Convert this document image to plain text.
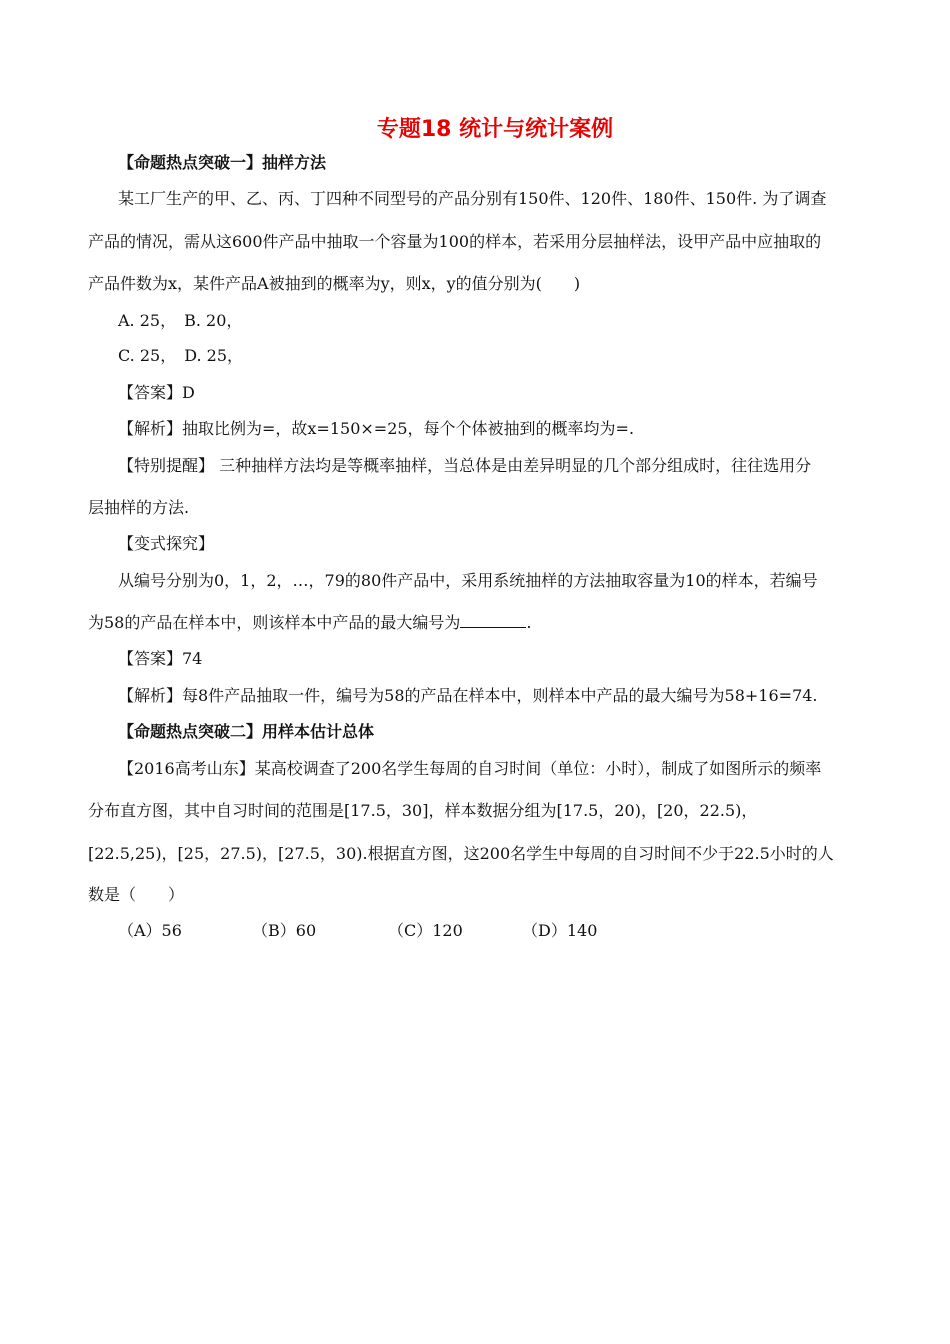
专题18 统计与统计案例
【命题热点突破一】抽样方法
某工厂生产的甲、乙、丙、丁四种不同型号的产品分别有150件、120件、180件、150件. 为了调查
产品的情况，需从这600件产品中抽取一个容量为100的样本，若采用分层抽样法，设甲产品中应抽取的
产品件数为x，某件产品A被抽到的概率为y，则x，y的值分别为(　　)
A. 25，　B. 20，
C. 25，　D. 25，
【答案】D
【解析】抽取比例为=，故x=150×=25，每个个体被抽到的概率均为=.
【特别提醒】 三种抽样方法均是等概率抽样，当总体是由差异明显的几个部分组成时，往往选用分
层抽样的方法.
【变式探究】
从编号分别为0，1，2，…，79的80件产品中，采用系统抽样的方法抽取容量为10的样本，若编号
为58的产品在样本中，则该样本中产品的最大编号为	.
【答案】74
【解析】每8件产品抽取一件，编号为58的产品在样本中，则样本中产品的最大编号为58+16=74.
【命题热点突破二】用样本估计总体
【2016高考山东】某高校调查了200名学生每周的自习时间（单位：小时），制成了如图所示的频率
分布直方图，其中自习时间的范围是[17.5，30]，样本数据分组为[17.5，20)，[20，22.5)，
[22.5,25)，[25，27.5)，[27.5，30).根据直方图，这200名学生中每周的自习时间不少于22.5小时的人
数是（　　）
（A）56	（B）60	（C）120	（D）140
